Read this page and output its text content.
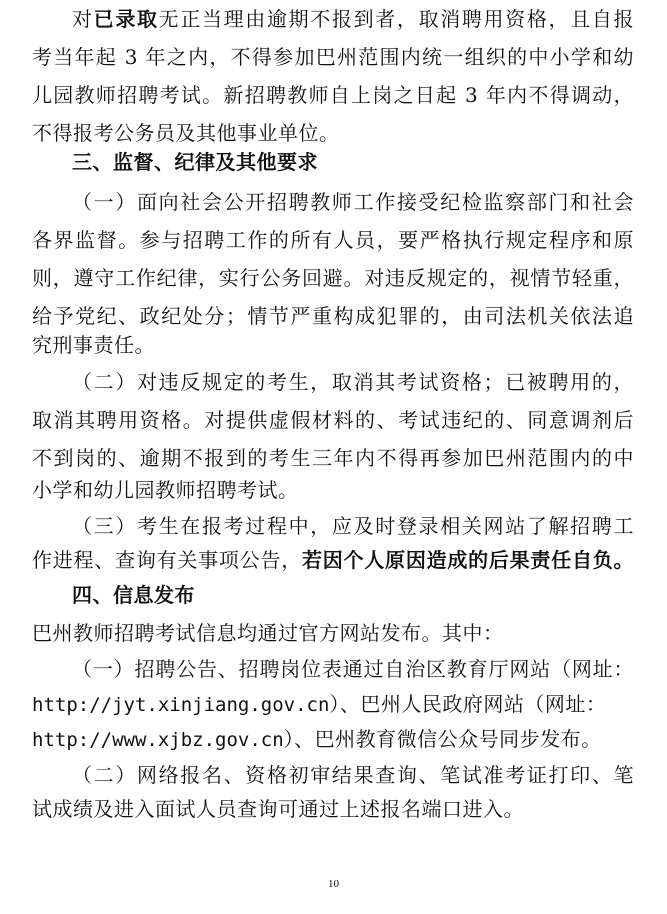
对已录取无正当理由逾期不报到者，取消聘用资格，且自报
考当年起 3 年之内，不得参加巴州范围内统一组织的中小学和幼
儿园教师招聘考试。新招聘教师自上岗之日起 3 年内不得调动，
不得报考公务员及其他事业单位。
三、监督、纪律及其他要求
（一）面向社会公开招聘教师工作接受纪检监察部门和社会
各界监督。参与招聘工作的所有人员，要严格执行规定程序和原
则，遵守工作纪律，实行公务回避。对违反规定的，视情节轻重，
给予党纪、政纪处分；情节严重构成犯罪的，由司法机关依法追
究刑事责任。
（二）对违反规定的考生，取消其考试资格；已被聘用的，
取消其聘用资格。对提供虚假材料的、考试违纪的、同意调剂后
不到岗的、逾期不报到的考生三年内不得再参加巴州范围内的中
小学和幼儿园教师招聘考试。
（三）考生在报考过程中，应及时登录相关网站了解招聘工
作进程、查询有关事项公告，若因个人原因造成的后果责任自负。
四、信息发布
巴州教师招聘考试信息均通过官方网站发布。其中：
（一）招聘公告、招聘岗位表通过自治区教育厅网站（网址：
http://jyt.xinjiang.gov.cn）、巴州人民政府网站（网址：
http://www.xjbz.gov.cn）、巴州教育微信公众号同步发布。
（二）网络报名、资格初审结果查询、笔试准考证打印、笔
试成绩及进入面试人员查询可通过上述报名端口进入。
10
